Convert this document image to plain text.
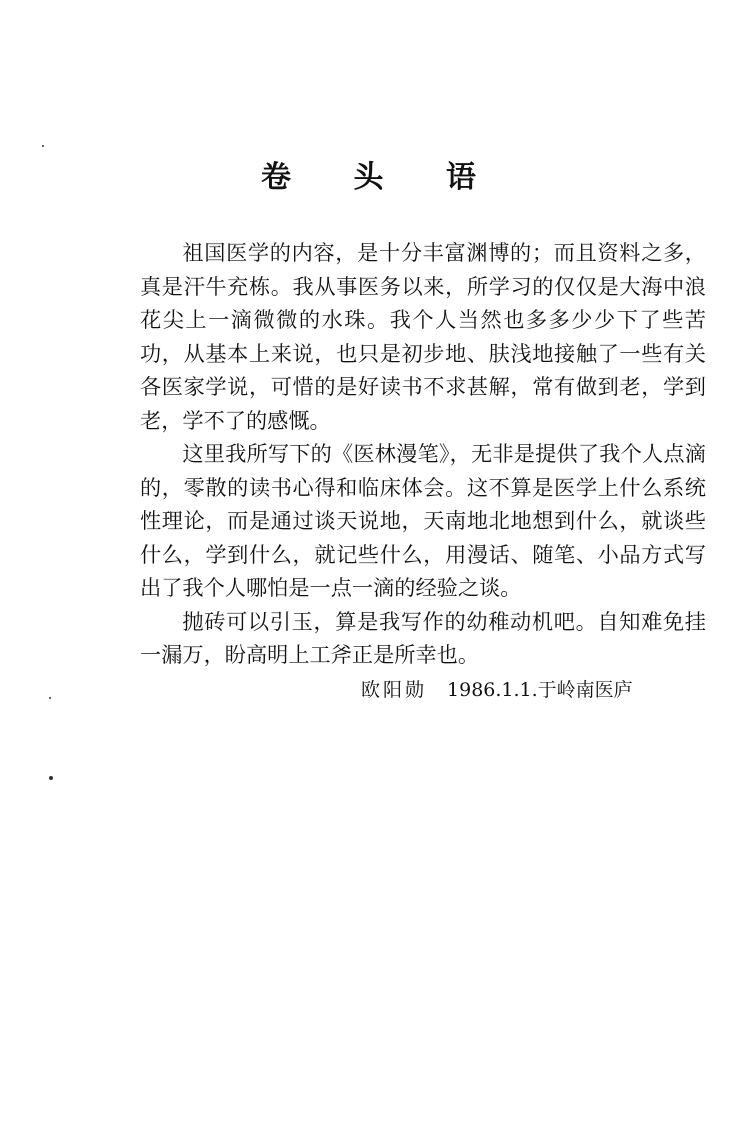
卷 头 语

祖国医学的内容，是十分丰富渊博的；而且资料之多，真是汗牛充栋。我从事医务以来，所学习的仅仅是大海中浪花尖上一滴微微的水珠。我个人当然也多多少少下了些苦功，从基本上来说，也只是初步地、肤浅地接触了一些有关各医家学说，可惜的是好读书不求甚解，常有做到老，学到老，学不了的感慨。

这里我所写下的《医林漫笔》，无非是提供了我个人点滴的，零散的读书心得和临床体会。这不算是医学上什么系统性理论，而是通过谈天说地，天南地北地想到什么，就谈些什么，学到什么，就记些什么，用漫话、随笔、小品方式写出了我个人哪怕是一点一滴的经验之谈。

抛砖可以引玉，算是我写作的幼稚动机吧。自知难免挂一漏万，盼高明上工斧正是所幸也。

欧阳勋 1986.1.1.于岭南医庐
